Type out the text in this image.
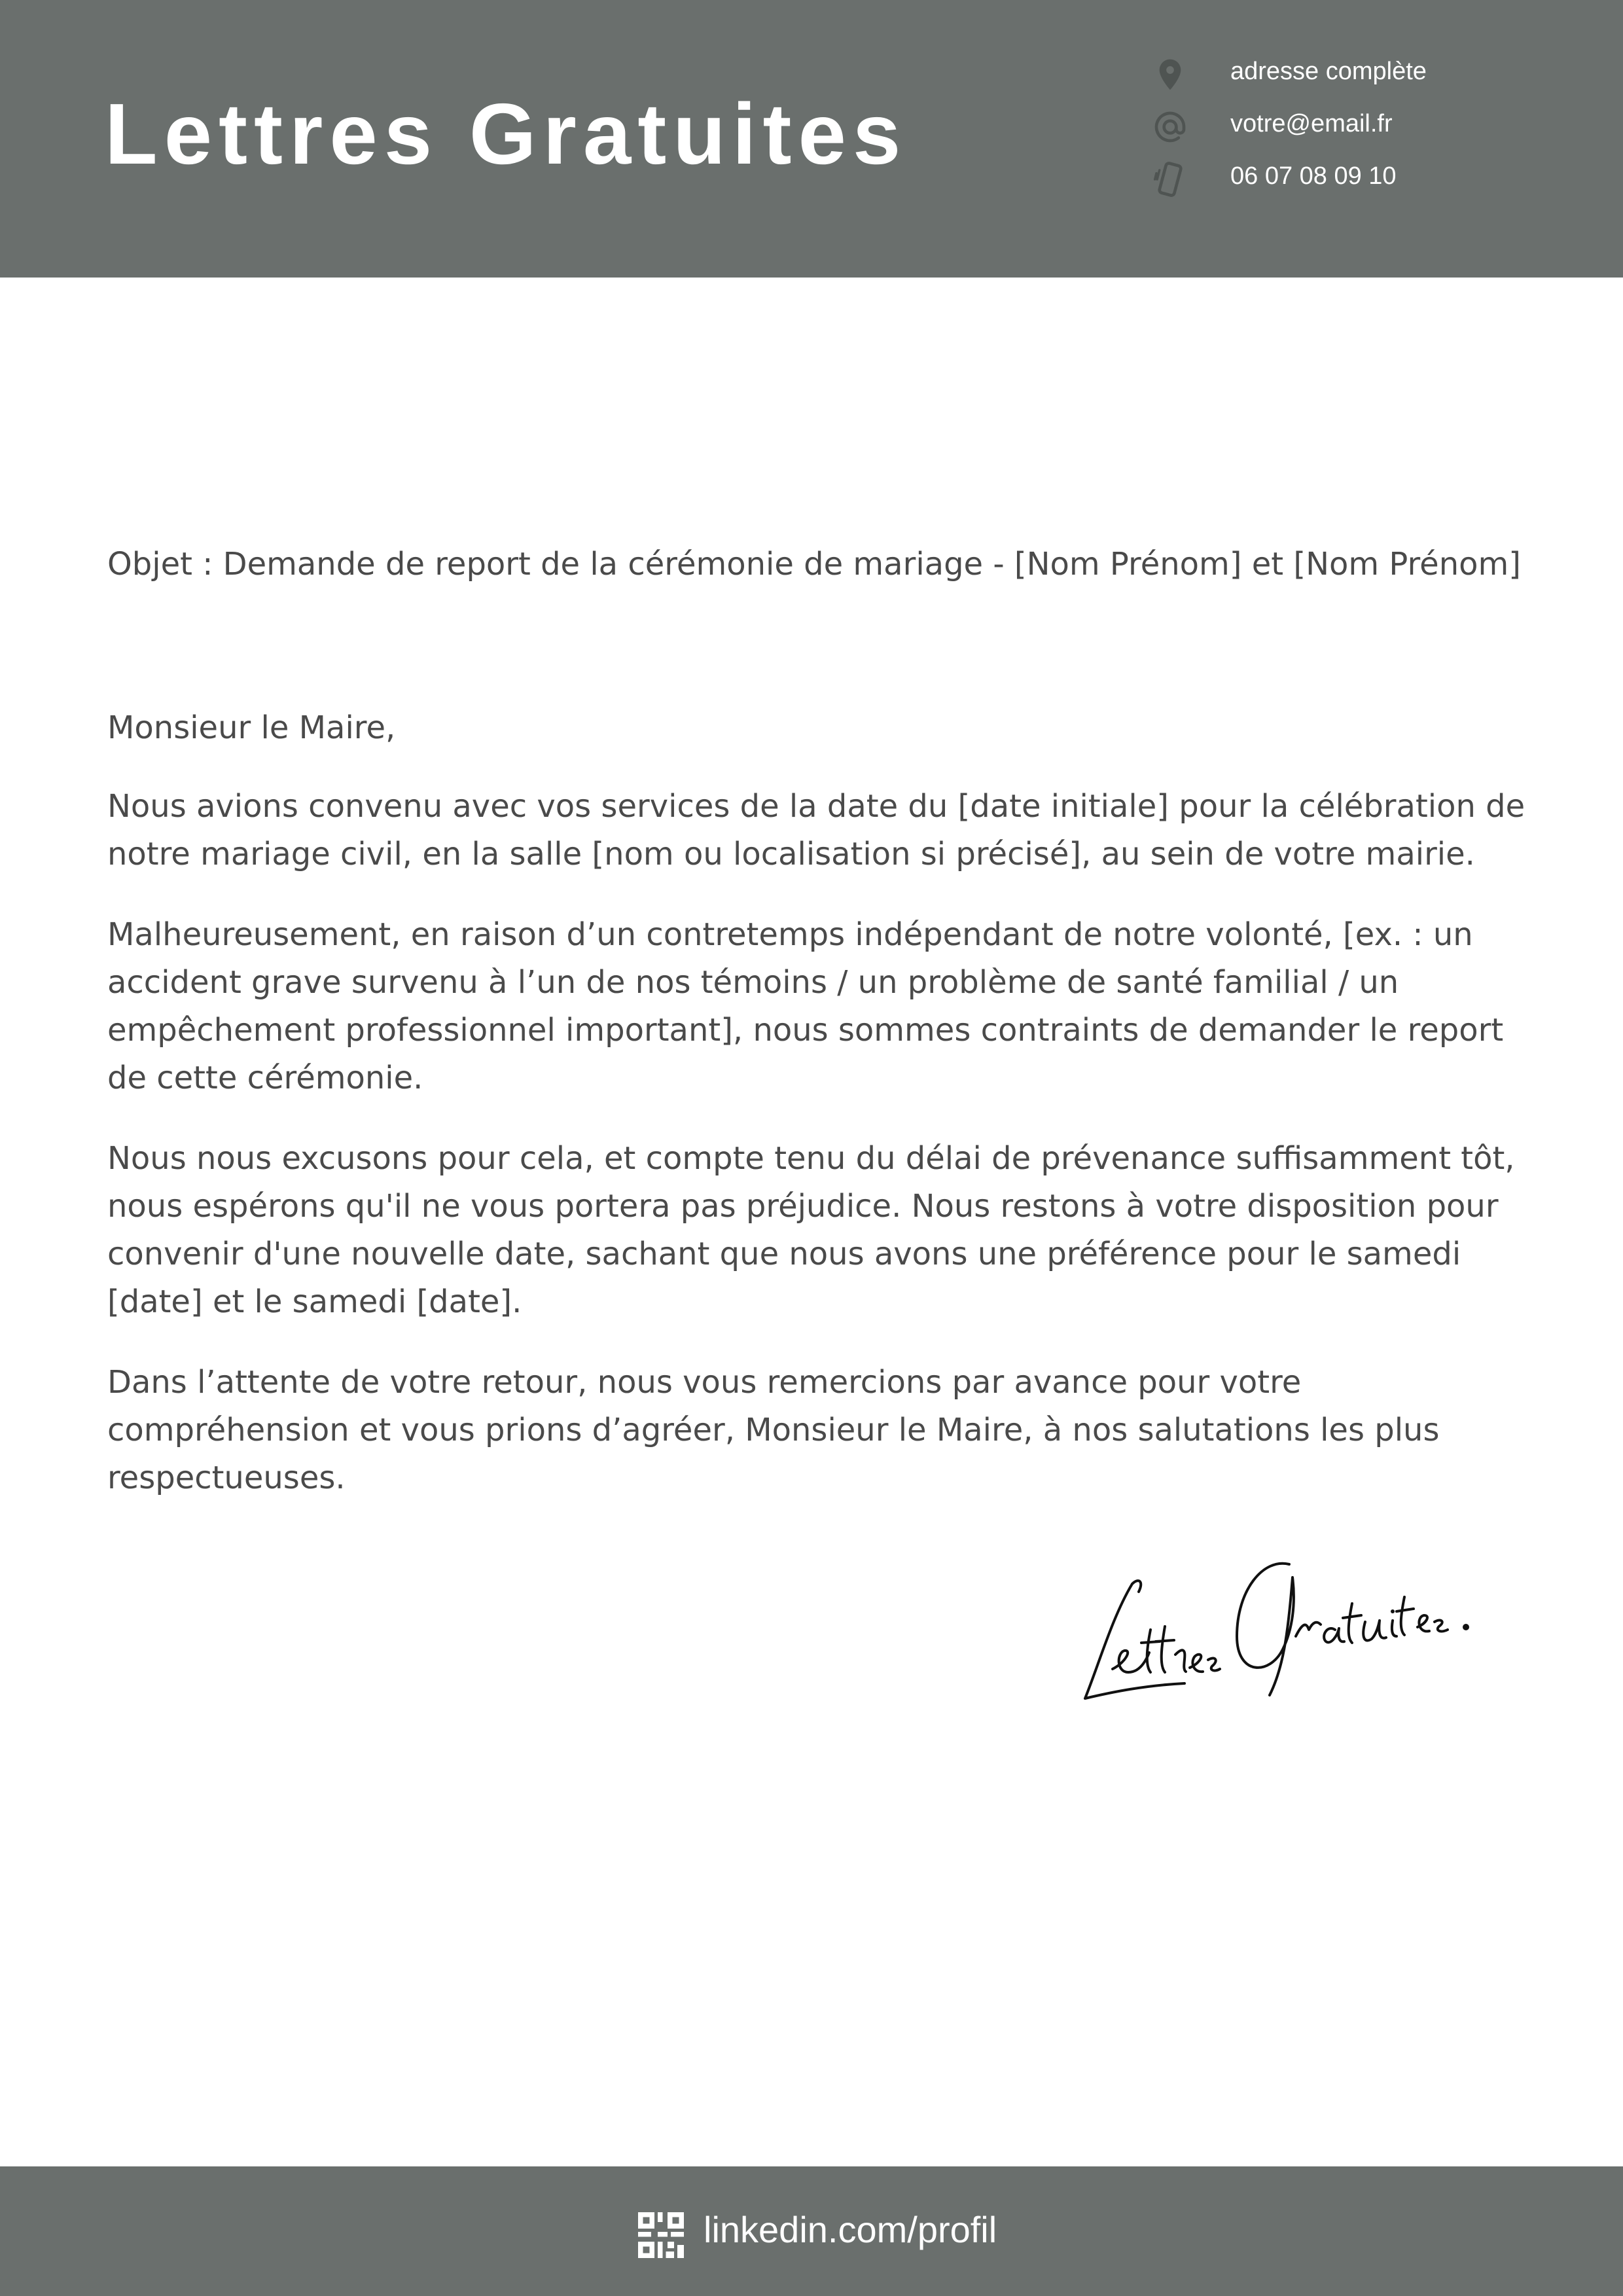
Lettres Gratuites
adresse complète
votre@email.fr
06 07 08 09 10
Objet : Demande de report de la cérémonie de mariage - [Nom Prénom] et [Nom Prénom]
Monsieur le Maire,

Nous avions convenu avec vos services de la date du [date initiale] pour la célébration de notre mariage civil, en la salle [nom ou localisation si précisé], au sein de votre mairie.

Malheureusement, en raison d’un contretemps indépendant de notre volonté, [ex. : un accident grave survenu à l’un de nos témoins / un problème de santé familial / un empêchement professionnel important], nous sommes contraints de demander le report de cette cérémonie.

Nous nous excusons pour cela, et compte tenu du délai de prévenance suffisamment tôt, nous espérons qu'il ne vous portera pas préjudice. Nous restons à votre disposition pour convenir d'une nouvelle date, sachant que nous avons une préférence pour le samedi [date] et le samedi [date].

Dans l’attente de votre retour, nous vous remercions par avance pour votre compréhension et vous prions d’agréer, Monsieur le Maire, à nos salutations les plus respectueuses.

linkedin.com/profil
